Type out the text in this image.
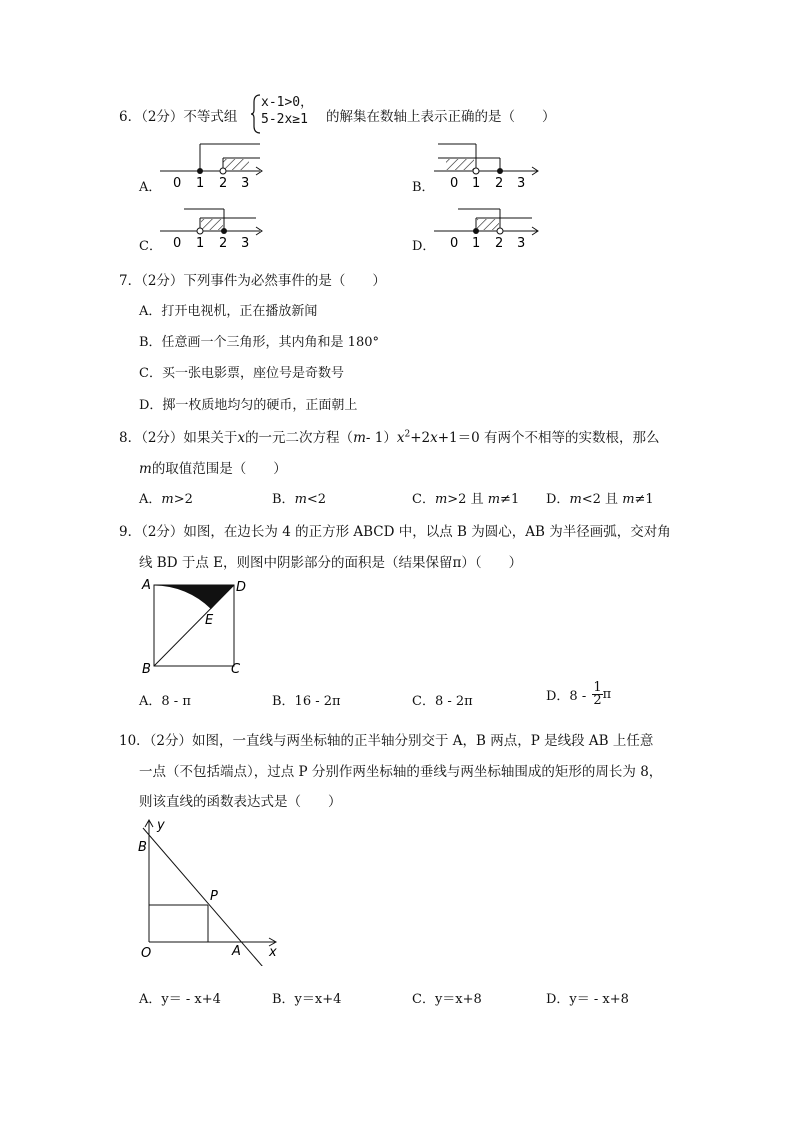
6．（2分）不等式组
x-1>0，
5-2x≥1	的解集在数轴上表示正确的是（　　）
A．	B．
C．	D．
0 1 2 3	0 1 2 3
0 1 2 3	0 1 2 3
7．（2分）下列事件为必然事件的是（　　）
A．打开电视机，正在播放新闻
B．任意画一个三角形，其内角和是 180°
C．买一张电影票，座位号是奇数号
D．掷一枚质地均匀的硬币，正面朝上
8．（2分）如果关于x的一元二次方程（m- $1)x^2+2x+1=0$ 有两个不相等的实数根，那么
m的取值范围是（　　）
A．m>2	B．m<2	C．m>2 且 m≠1 D．m<2 且 m≠1
9．（2分）如图，在边长为 4 的正方形 ABCD 中，以点 B 为圆心，AB 为半径画弧，交对角
线 BD 于点 E，则图中阴影部分的面积是（结果保留π）（　　）
A	D
E
B	C
A．8 - π	B．16 - 2π	C．8 - 2π	D．$8 - \frac{1}{2}$ π
10．（2分）如图，一直线与两坐标轴的正半轴分别交于 A，B 两点，P 是线段 AB 上任意
一点（不包括端点），过点 P 分别作两坐标轴的垂线与两坐标轴围成的矩形的周长为 8，
则该直线的函数表达式是（　　）
y
B
P
O	A x
A．y＝ - x+4	B．y＝x+4	C．y＝x+8	D．y＝ - x+8
